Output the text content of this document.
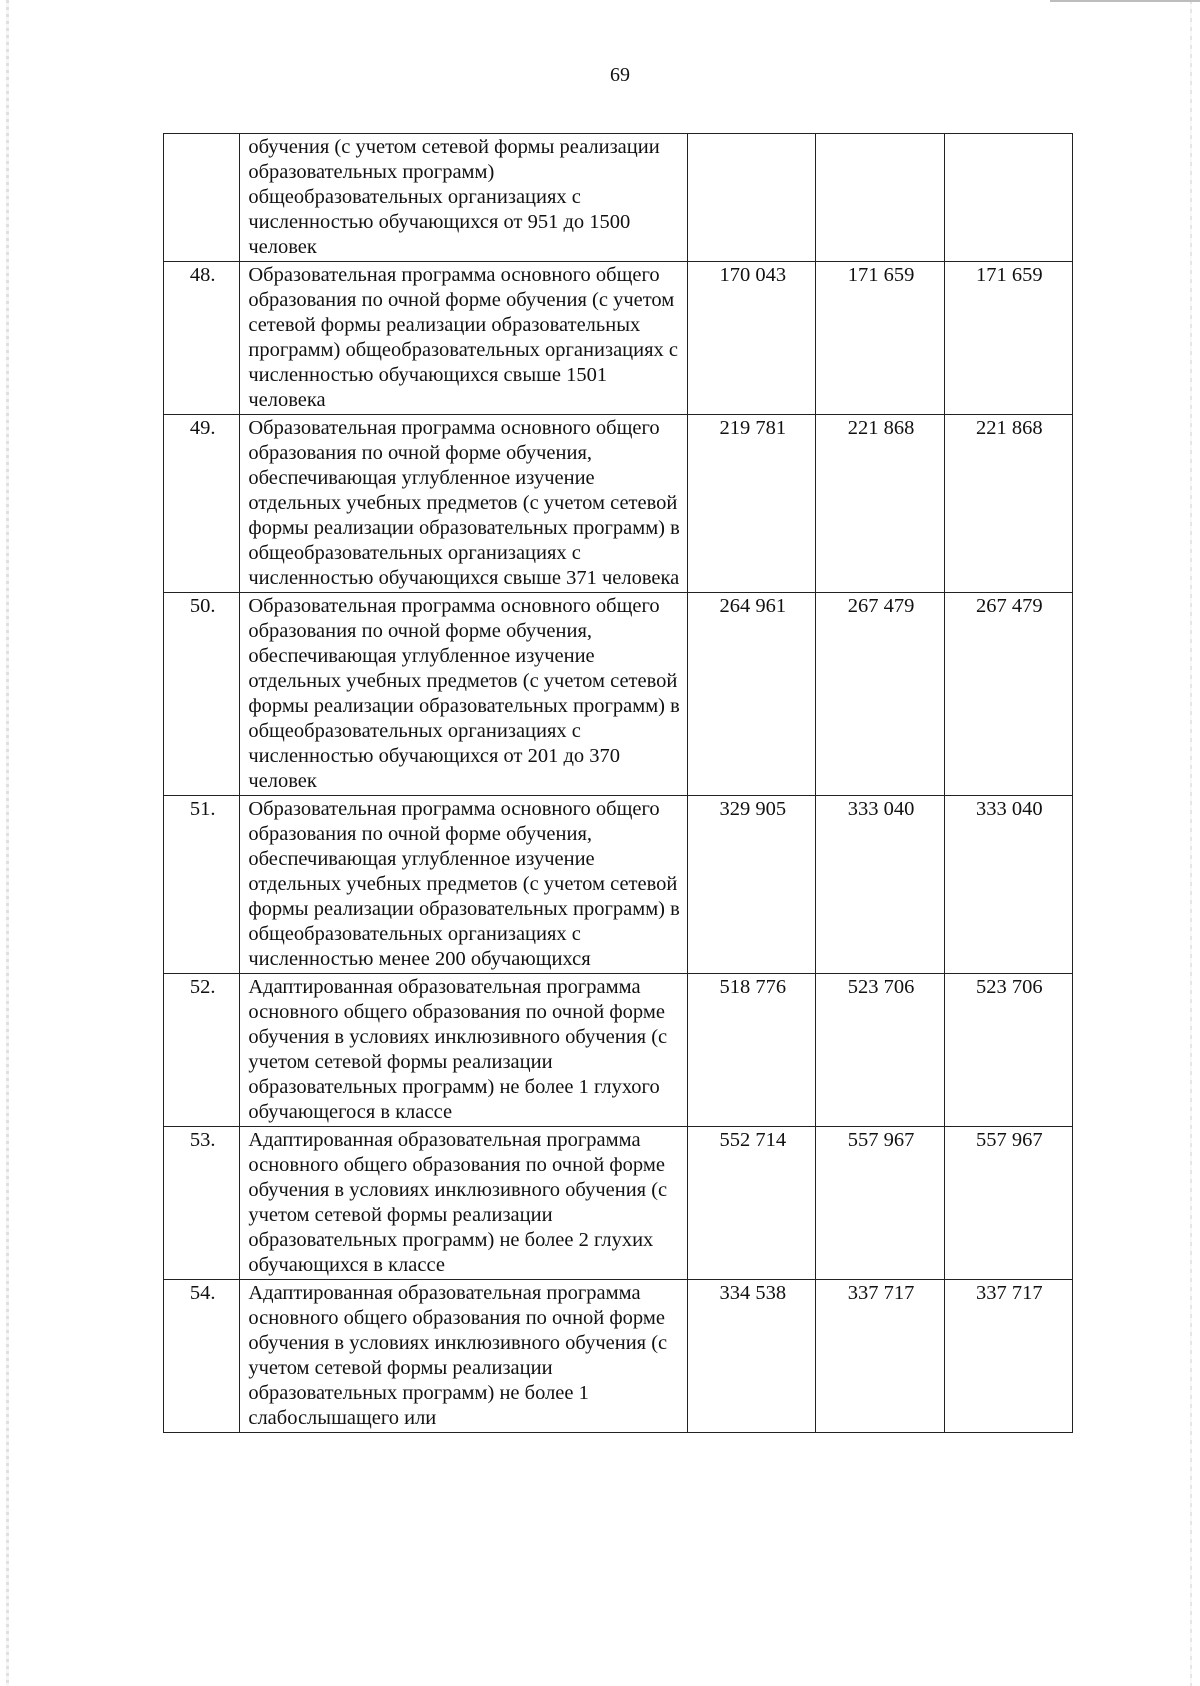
69
	обучения (с учетом сетевой формы реализации образовательных программ) общеобразовательных организациях с численностью обучающихся от 951 до 1500 человек			
48.	Образовательная программа основного общего образования по очной форме обучения (с учетом сетевой формы реализации образовательных программ) общеобразовательных организациях с численностью обучающихся свыше 1501 человека	170 043	171 659	171 659
49.	Образовательная программа основного общего образования по очной форме обучения, обеспечивающая углубленное изучение отдельных учебных предметов (с учетом сетевой формы реализации образовательных программ) в общеобразовательных организациях с численностью обучающихся свыше 371 человека	219 781	221 868	221 868
50.	Образовательная программа основного общего образования по очной форме обучения, обеспечивающая углубленное изучение отдельных учебных предметов (с учетом сетевой формы реализации образовательных программ) в общеобразовательных организациях с численностью обучающихся от 201 до 370 человек	264 961	267 479	267 479
51.	Образовательная программа основного общего образования по очной форме обучения, обеспечивающая углубленное изучение отдельных учебных предметов (с учетом сетевой формы реализации образовательных программ) в общеобразовательных организациях с численностью менее 200 обучающихся	329 905	333 040	333 040
52.	Адаптированная образовательная программа основного общего образования по очной форме обучения в условиях инклюзивного обучения (с учетом сетевой формы реализации образовательных программ) не более 1 глухого обучающегося в классе	518 776	523 706	523 706
53.	Адаптированная образовательная программа основного общего образования по очной форме обучения в условиях инклюзивного обучения (с учетом сетевой формы реализации образовательных программ) не более 2 глухих обучающихся в классе	552 714	557 967	557 967
54.	Адаптированная образовательная программа основного общего образования по очной форме обучения в условиях инклюзивного обучения (с учетом сетевой формы реализации образовательных программ) не более 1 слабослышащего или	334 538	337 717	337 717
